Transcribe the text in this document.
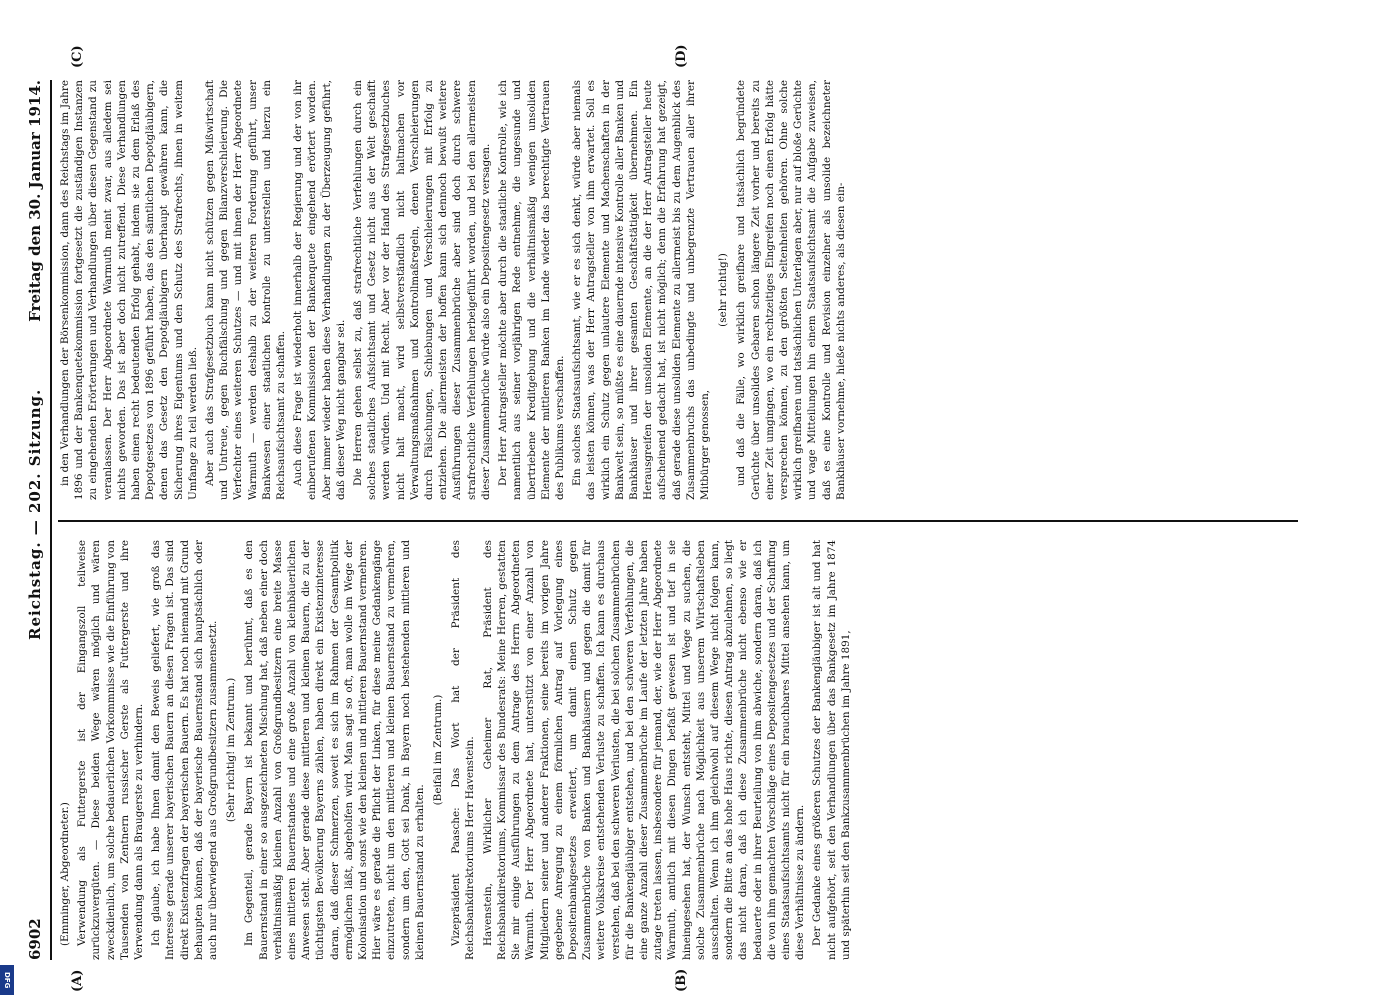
6902
Reichstag. — 202. Sitzung.
Freitag den 30. Januar 1914.
(A)	(B)
(C)	(D)

(Emminger, Abgeordneter.) Verwendung als Futtergerste ist der Eingangszoll teilweise zurückzuvergüten. — Diese beiden Wege wären möglich und wären zweckdienlich, um solche bedauerlichen Vorkommnisse wie die Einführung von Tausenden von Zentnern russischer Gerste als Futtergerste und ihre Verwendung dann als Braugerste zu verhindern. Ich glaube, ich habe Ihnen damit den Beweis geliefert, wie groß das Interesse gerade unserer bayerischen Bauern an diesen Fragen ist. Das sind direkt Existenzfragen der bayerischen Bauern. Es hat noch niemand mit Grund behaupten können, daß der bayerische Bauernstand sich hauptsächlich oder auch nur überwiegend aus Großgrundbesitzern zusammensetzt. (Sehr richtig! im Zentrum.) Im Gegenteil, gerade Bayern ist bekannt und berühmt, daß es den Bauernstand in einer so ausgezeichneten Mischung hat, daß neben einer doch verhältnismäßig kleinen Anzahl von Großgrundbesitzern eine breite Masse eines mittleren Bauernstandes und eine große Anzahl von kleinbäuerlichen Anwesen steht. Aber gerade diese mittleren und kleinen Bauern, die zu der tüchtigsten Bevölkerung Bayerns zählen, haben direkt ein Existenzinteresse daran, daß dieser Schmerzen, soweit es sich im Rahmen der Gesamtpolitik ermöglichen läßt, abgeholfen wird. Man sagt so oft, man wolle im Wege der Kolonisation und sonst wie den kleinen und mittleren Bauernstand vermehren. Hier wäre es gerade die Pflicht der Linken, für diese meine Gedankengänge einzutreten, nicht um den mittleren und kleinen Bauernstand zu vermehren, sondern um den, Gott sei Dank, in Bayern noch bestehenden mittleren und kleinen Bauernstand zu erhalten.

(Beifall im Zentrum.) Vizepräsident Paasche: Das Wort hat der Präsident des Reichsbankdirektoriums Herr Havenstein. Havenstein, Wirklicher Geheimer Rat, Präsident des Reichsbankdirektoriums, Kommissar des Bundesrats: Meine Herren, gestatten Sie mir einige Ausführungen zu dem Antrage des Herrn Abgeordneten Warmuth. Der Herr Abgeordnete hat, unterstützt von einer Anzahl von Mitgliedern seiner und anderer Fraktionen, seine bereits im vorigen Jahre gegebene Anregung zu einem förmlichen Antrag auf Vorlegung eines Depositenbankgesetzes erweitert, um damit einen Schutz gegen Zusammenbrüche von Banken und Bankhäusern und gegen die damit für weitere Volkskreise entstehenden Verluste zu schaffen. Ich kann es durchaus verstehen, daß bei den schweren Verlusten, die bei solchen Zusammenbrüchen für die Bankengläubiger entstehen, und bei den schweren Verfehlungen, die eine ganze Anzahl dieser Zusammenbrüche im Laufe der letzten Jahre haben zutage treten lassen, insbesondere für jemand, der, wie der Herr Abgeordnete Warmuth, amtlich mit diesen Dingen befaßt gewesen ist und tief in sie hineingesehen hat, der Wunsch entsteht, Mittel und Wege zu suchen, die solche Zusammenbrüche nach Möglichkeit aus unserem Wirtschaftsleben ausschalten. Wenn ich ihm gleichwohl auf diesem Wege nicht folgen kann, sondern die Bitte an das hohe Haus richte, diesen Antrag abzulehnen, so liegt das nicht daran, daß ich diese Zusammenbrüche nicht ebenso wie er bedauerte oder in ihrer Beurteilung von ihm abwiche, sondern daran, daß ich die von ihm gemachten Vorschläge eines Depositengesetzes und der Schaffung eines Staatsaufsichtsamts nicht für ein brauchbares Mittel ansehen kann, um diese Verhältnisse zu ändern. Der Gedanke eines größeren Schutzes der Bankengläubiger ist alt und hat nicht aufgehört, seit den Verhandlungen über das Bankgesetz im Jahre 1874 und späterhin seit den Bankzusammenbrüchen im Jahre 1891,

in den Verhandlungen der Börsenkommission, dann des Reichstags im Jahre 1896 und der Bankenquetekommission fortgesetzt die zuständigen Instanzen zu eingehenden Erörterungen und Verhandlungen über diesen Gegenstand zu veranlassen. Der Herr Abgeordnete Warmuth meint zwar, aus alledem sei nichts geworden. Das ist aber doch nicht zutreffend. Diese Verhandlungen haben einen recht bedeutenden Erfolg gehabt, indem sie zu dem Erlaß des Depotgesetzes von 1896 geführt haben, das den sämtlichen Depotgläubigern, denen das Gesetz den Depotgläubigern überhaupt gewähren kann, die Sicherung ihres Eigentums und den Schutz des Strafrechts, ihnen in weitem Umfange zu teil werden ließ. Aber auch das Strafgesetzbuch kann nicht schützen gegen Mißwirtschaft und Untreue, gegen Buchfälschung und gegen Bilanzverschleierung. Die Verfechter eines weiteren Schutzes — und mit ihnen der Herr Abgeordnete Warmuth — werden deshalb zu der weiteren Forderung geführt, unser Bankwesen einer staatlichen Kontrolle zu unterstellen und hierzu ein Reichsaufsichtsamt zu schaffen. Auch diese Frage ist wiederholt innerhalb der Regierung und der von ihr einberufenen Kommissionen der Bankenquete eingehend erörtert worden. Aber immer wieder haben diese Verhandlungen zu der Überzeugung geführt, daß dieser Weg nicht gangbar sei. Die Herren gehen selbst zu, daß strafrechtliche Verfehlungen durch ein solches staatliches Aufsichtsamt und Gesetz nicht aus der Welt geschafft werden würden. Und mit Recht. Aber vor der Hand des Strafgesetzbuches nicht halt macht, wird selbstverständlich nicht haltmachen vor Verwaltungsmaßnahmen und Kontrollmaßregeln, denen Verschleierungen durch Fälschungen, Schiebungen und Verschleierungen mit Erfolg zu entziehen. Die allermeisten der hoffen kann sich dennoch bewußt weitere Ausführungen dieser Zusammenbrüche aber sind doch durch schwere strafrechtliche Verfehlungen herbeigeführt worden, und bei den allermeisten dieser Zusammenbrüche würde also ein Depositengesetz versagen. Der Herr Antragsteller möchte aber durch die staatliche Kontrolle, wie ich namentlich aus seiner vorjährigen Rede entnehme, die ungesunde und übertriebene Kreditgebung und die verhältnismäßig wenigen unsoliden Elemente der mittleren Banken im Lande wieder das berechtigte Vertrauen des Publikums verschaffen. Ein solches Staatsaufsichtsamt, wie er es sich denkt, würde aber niemals das leisten können, was der Herr Antragsteller von ihm erwartet. Soll es wirklich ein Schutz gegen unlautere Elemente und Machenschaften in der Bankwelt sein, so müßte es eine dauernde intensive Kontrolle aller Banken und Bankhäuser und ihrer gesamten Geschäftstätigkeit übernehmen. Ein Herausgreifen der unsoliden Elemente, an die der Herr Antragsteller heute aufscheinend gedacht hat, ist nicht möglich; denn die Erfahrung hat gezeigt, daß gerade diese unsoliden Elemente zu allermeist bis zu dem Augenblick des Zusammenbruchs das unbedingte und unbegrenzte Vertrauen aller ihrer Mitbürger genossen,

(sehr richtig!) und daß die Fälle, wo wirklich greifbare und tatsächlich begründete Gerüchte über unsolides Gebaren schon längere Zeit vorher und bereits zu einer Zeit umgingen, wo ein rechtzeitiges Eingreifen noch einen Erfolg hätte versprechen können, zu den größten Seltenheiten gehören. Ohne solche wirklich greifbaren und tatsächlichen Unterlagen aber, nur auf bloße Gerüchte und vage Mitteilungen hin einem Staatsaufsichtsamt die Aufgabe zuweisen, daß es eine Kontrolle und Revision einzelner als unsolide bezeichneter Bankhäuser vornehme, hieße nichts anderes, als diesen ein-

DFG
